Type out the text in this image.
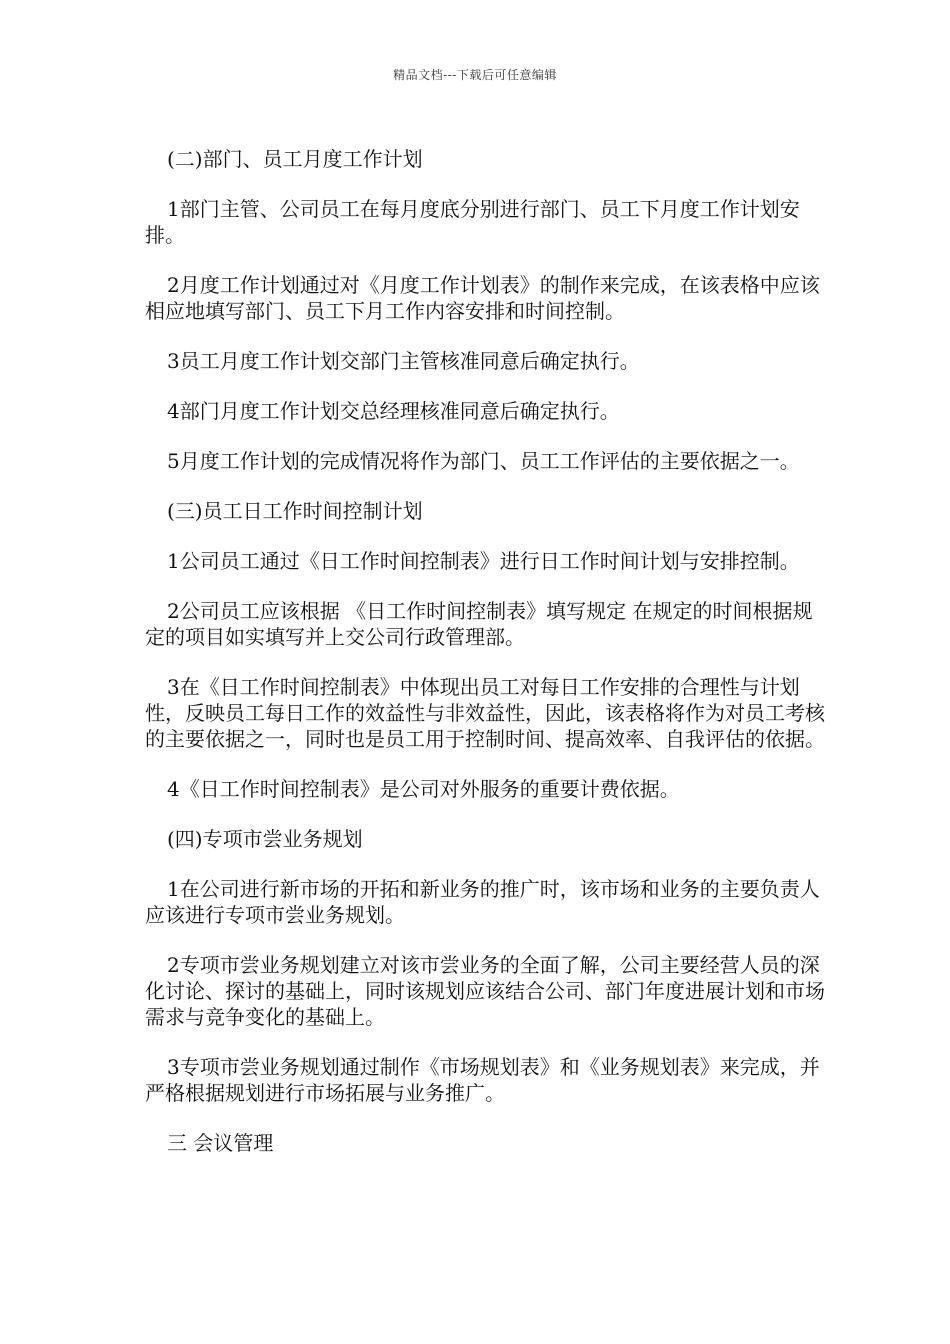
精品文档---下载后可任意编辑

(二)部门、员工月度工作计划

1部门主管、公司员工在每月度底分别进行部门、员工下月度工作计划安排。

2月度工作计划通过对《月度工作计划表》的制作来完成，在该表格中应该相应地填写部门、员工下月工作内容安排和时间控制。

3员工月度工作计划交部门主管核准同意后确定执行。

4部门月度工作计划交总经理核准同意后确定执行。

5月度工作计划的完成情况将作为部门、员工工作评估的主要依据之一。

(三)员工日工作时间控制计划

1公司员工通过《日工作时间控制表》进行日工作时间计划与安排控制。

2公司员工应该根据 《日工作时间控制表》填写规定 在规定的时间根据规定的项目如实填写并上交公司行政管理部。

3在《日工作时间控制表》中体现出员工对每日工作安排的合理性与计划性，反映员工每日工作的效益性与非效益性，因此，该表格将作为对员工考核的主要依据之一，同时也是员工用于控制时间、提高效率、自我评估的依据。

4《日工作时间控制表》是公司对外服务的重要计费依据。

(四)专项市尝业务规划

1在公司进行新市场的开拓和新业务的推广时，该市场和业务的主要负责人应该进行专项市尝业务规划。

2专项市尝业务规划建立对该市尝业务的全面了解，公司主要经营人员的深化讨论、探讨的基础上，同时该规划应该结合公司、部门年度进展计划和市场需求与竞争变化的基础上。

3专项市尝业务规划通过制作《市场规划表》和《业务规划表》来完成，并严格根据规划进行市场拓展与业务推广。

三 会议管理
